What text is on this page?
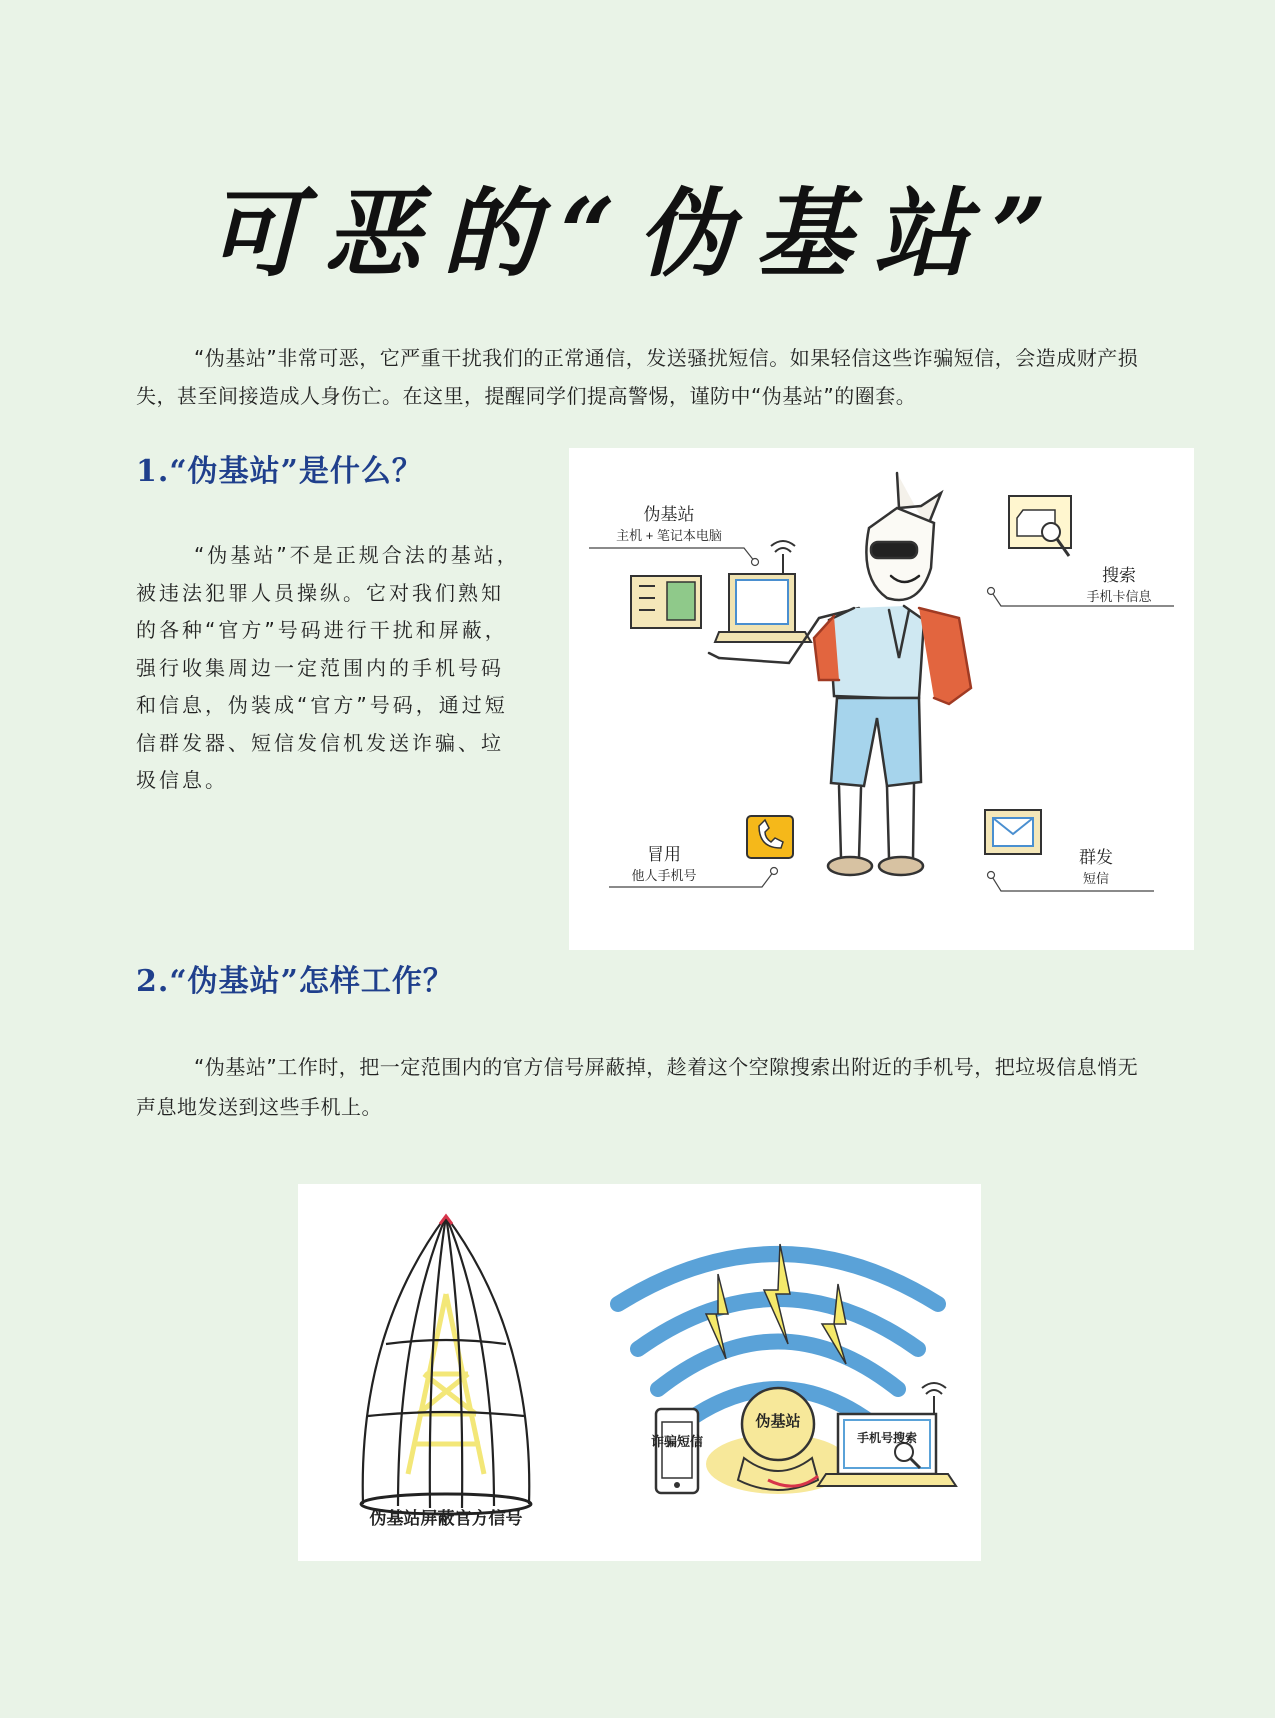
可恶的“伪基站”
“伪基站”非常可恶，它严重干扰我们的正常通信，发送骚扰短信。如果轻信这些诈骗短信，会造成财产损失，甚至间接造成人身伤亡。在这里，提醒同学们提高警惕，谨防中“伪基站”的圈套。
1.“伪基站”是什么？
“伪基站”不是正规合法的基站，被违法犯罪人员操纵。它对我们熟知的各种“官方”号码进行干扰和屏蔽，强行收集周边一定范围内的手机号码和信息，伪装成“官方”号码，通过短信群发器、短信发信机发送诈骗、垃圾信息。
伪基站
主机 + 笔记本电脑
搜索
手机卡信息
冒用
他人手机号
群发
短信
2.“伪基站”怎样工作？
“伪基站”工作时，把一定范围内的官方信号屏蔽掉，趁着这个空隙搜索出附近的手机号，把垃圾信息悄无声息地发送到这些手机上。
伪基站屏蔽官方信号
伪基站
诈骗短信	手机号搜索
